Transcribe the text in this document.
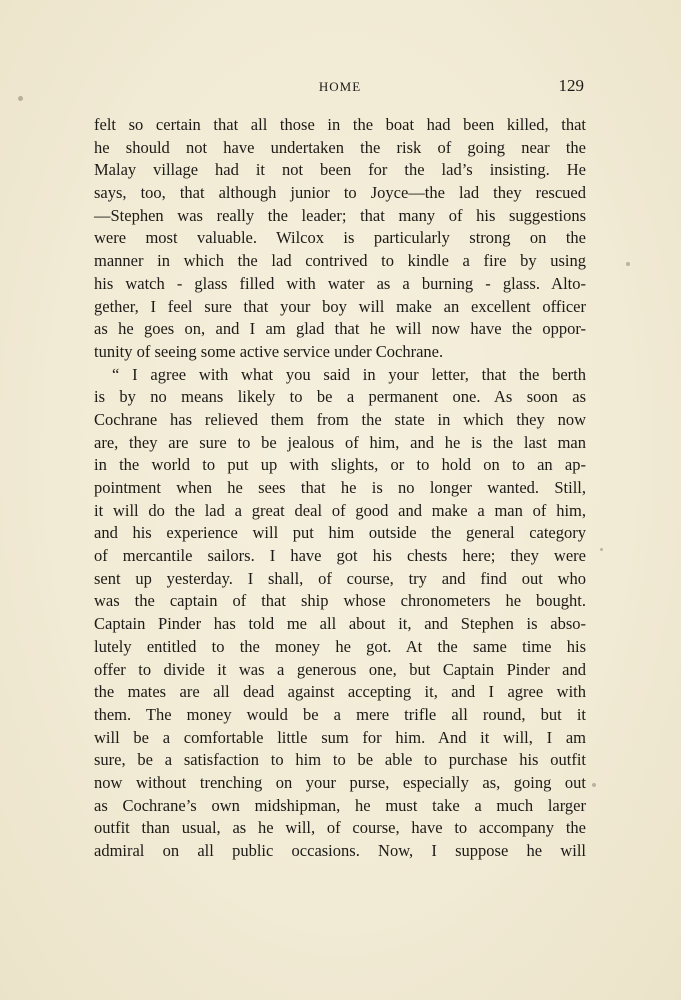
HOME	129
felt so certain that all those in the boat had been killed, that
he should not have undertaken the risk of going near the
Malay village had it not been for the lad’s insisting. He
says, too, that although junior to Joyce—the lad they rescued
—Stephen was really the leader; that many of his suggestions
were most valuable. Wilcox is particularly strong on the
manner in which the lad contrived to kindle a fire by using
his watch - glass filled with water as a burning - glass. Alto-
gether, I feel sure that your boy will make an excellent officer
as he goes on, and I am glad that he will now have the oppor-
tunity of seeing some active service under Cochrane.
“ I agree with what you said in your letter, that the berth
is by no means likely to be a permanent one. As soon as
Cochrane has relieved them from the state in which they now
are, they are sure to be jealous of him, and he is the last man
in the world to put up with slights, or to hold on to an ap-
pointment when he sees that he is no longer wanted. Still,
it will do the lad a great deal of good and make a man of him,
and his experience will put him outside the general category
of mercantile sailors. I have got his chests here; they were
sent up yesterday. I shall, of course, try and find out who
was the captain of that ship whose chronometers he bought.
Captain Pinder has told me all about it, and Stephen is abso-
lutely entitled to the money he got. At the same time his
offer to divide it was a generous one, but Captain Pinder and
the mates are all dead against accepting it, and I agree with
them. The money would be a mere trifle all round, but it
will be a comfortable little sum for him. And it will, I am
sure, be a satisfaction to him to be able to purchase his outfit
now without trenching on your purse, especially as, going out
as Cochrane’s own midshipman, he must take a much larger
outfit than usual, as he will, of course, have to accompany the
admiral on all public occasions. Now, I suppose he will
